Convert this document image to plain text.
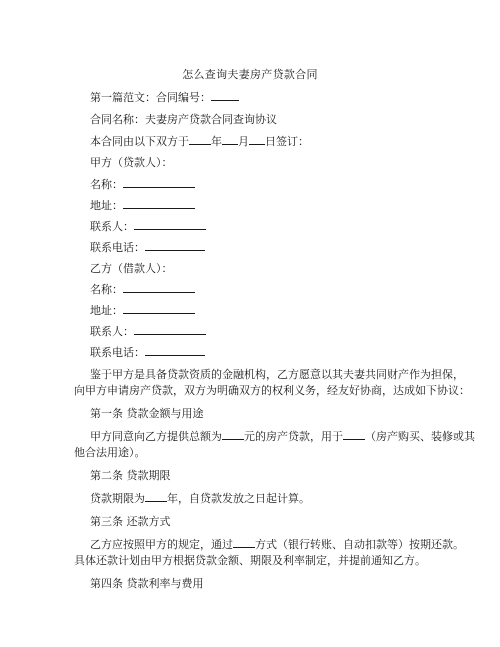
怎么查询夫妻房产贷款合同
第一篇范文：合同编号：
合同名称：夫妻房产贷款合同查询协议
本合同由以下双方于 年 月 日签订：
甲方（贷款人）：
名称：
地址：
联系人：
联系电话：
乙方（借款人）：
名称：
地址：
联系人：
联系电话：
鉴于甲方是具备贷款资质的金融机构，乙方愿意以其夫妻共同财产作为担保，
向甲方申请房产贷款，双方为明确双方的权利义务，经友好协商，达成如下协议：
第一条 贷款金额与用途
甲方同意向乙方提供总额为 元的房产贷款，用于 （房产购买、装修或其
他合法用途）。
第二条 贷款期限
贷款期限为 年，自贷款发放之日起计算。
第三条 还款方式
乙方应按照甲方的规定，通过 方式（银行转账、自动扣款等）按期还款。
具体还款计划由甲方根据贷款金额、期限及利率制定，并提前通知乙方。
第四条 贷款利率与费用
